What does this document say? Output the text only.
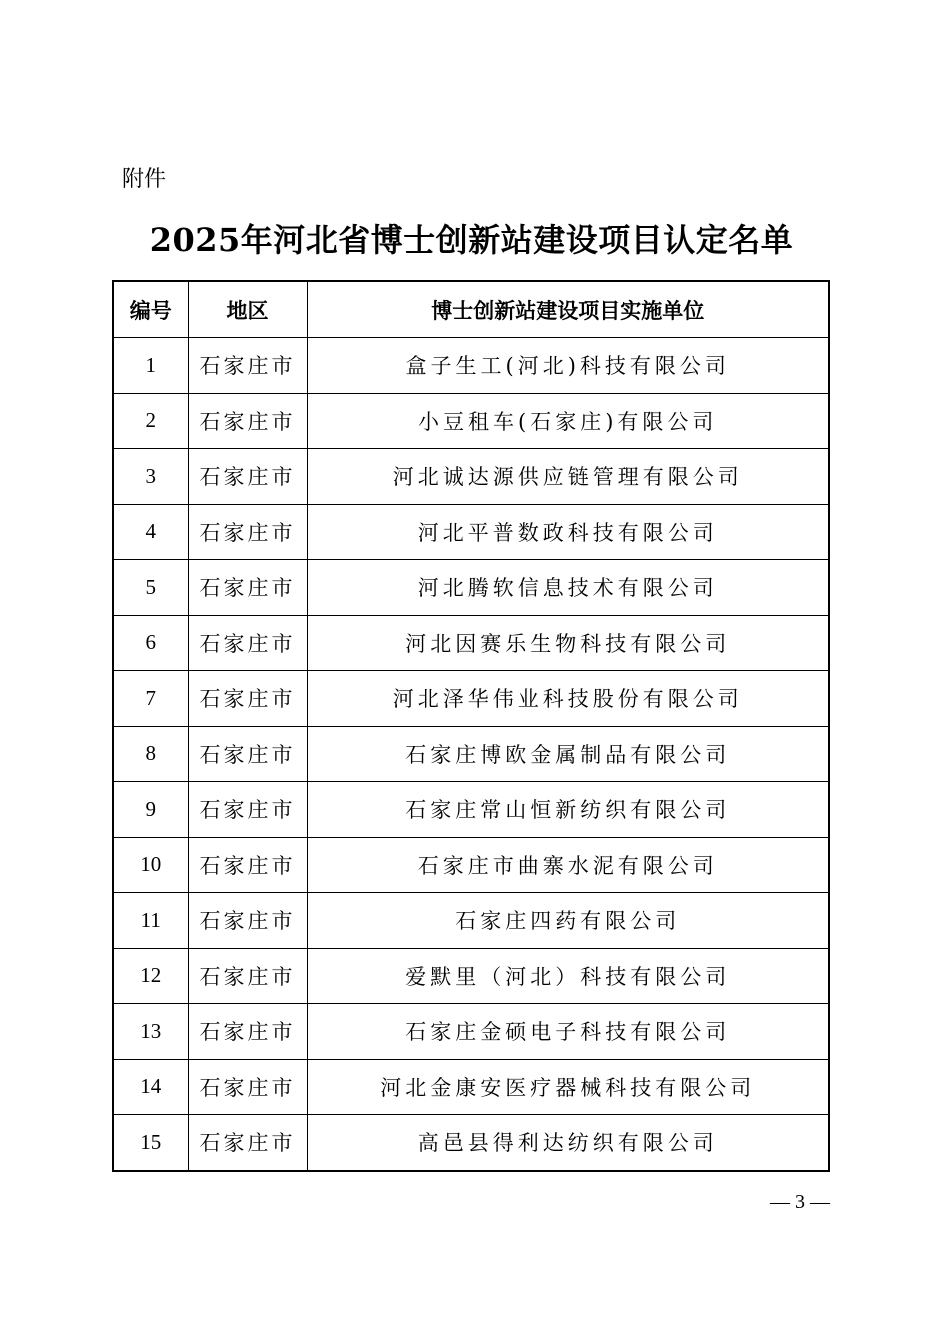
附件
2025年河北省博士创新站建设项目认定名单
编号	地区	博士创新站建设项目实施单位
1	石家庄市	盒子生工(河北)科技有限公司
2	石家庄市	小豆租车(石家庄)有限公司
3	石家庄市	河北诚达源供应链管理有限公司
4	石家庄市	河北平普数政科技有限公司
5	石家庄市	河北腾软信息技术有限公司
6	石家庄市	河北因赛乐生物科技有限公司
7	石家庄市	河北泽华伟业科技股份有限公司
8	石家庄市	石家庄博欧金属制品有限公司
9	石家庄市	石家庄常山恒新纺织有限公司
10	石家庄市	石家庄市曲寨水泥有限公司
11	石家庄市	石家庄四药有限公司
12	石家庄市	爱默里（河北）科技有限公司
13	石家庄市	石家庄金硕电子科技有限公司
14	石家庄市	河北金康安医疗器械科技有限公司
15	石家庄市	高邑县得利达纺织有限公司
— 3 —
